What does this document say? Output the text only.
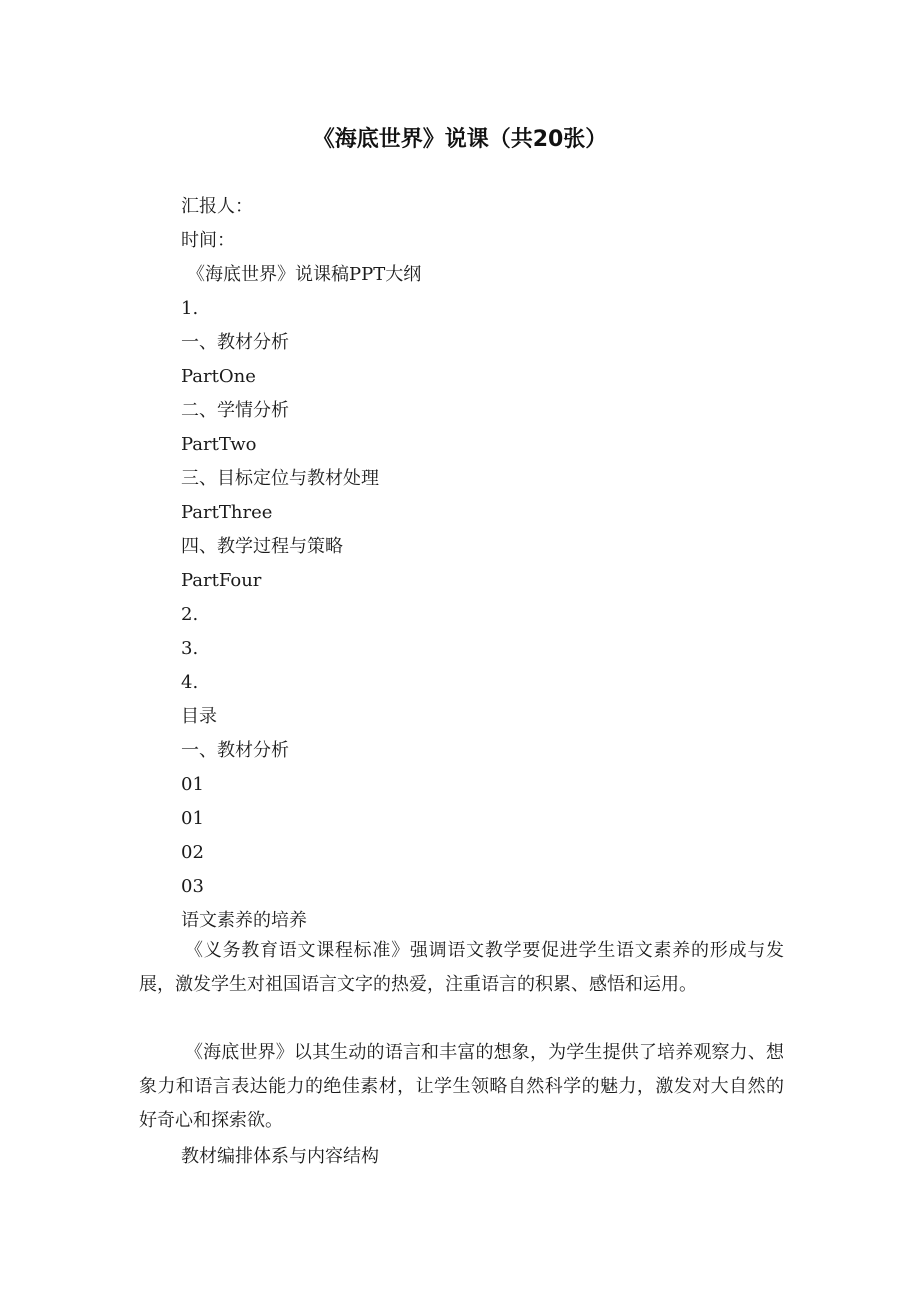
《海底世界》说课（共20张）
汇报人：
时间：
《海底世界》说课稿PPT大纲
1.
一、教材分析
PartOne
二、学情分析
PartTwo
三、目标定位与教材处理
PartThree
四、教学过程与策略
PartFour
2.
3.
4.
目录
一、教材分析
01
01
02
03
语文素养的培养
《义务教育语文课程标准》强调语文教学要促进学生语文素养的形成与发展，激发学生对祖国语言文字的热爱，注重语言的积累、感悟和运用。
《海底世界》以其生动的语言和丰富的想象，为学生提供了培养观察力、想象力和语言表达能力的绝佳素材，让学生领略自然科学的魅力，激发对大自然的好奇心和探索欲。
教材编排体系与内容结构
